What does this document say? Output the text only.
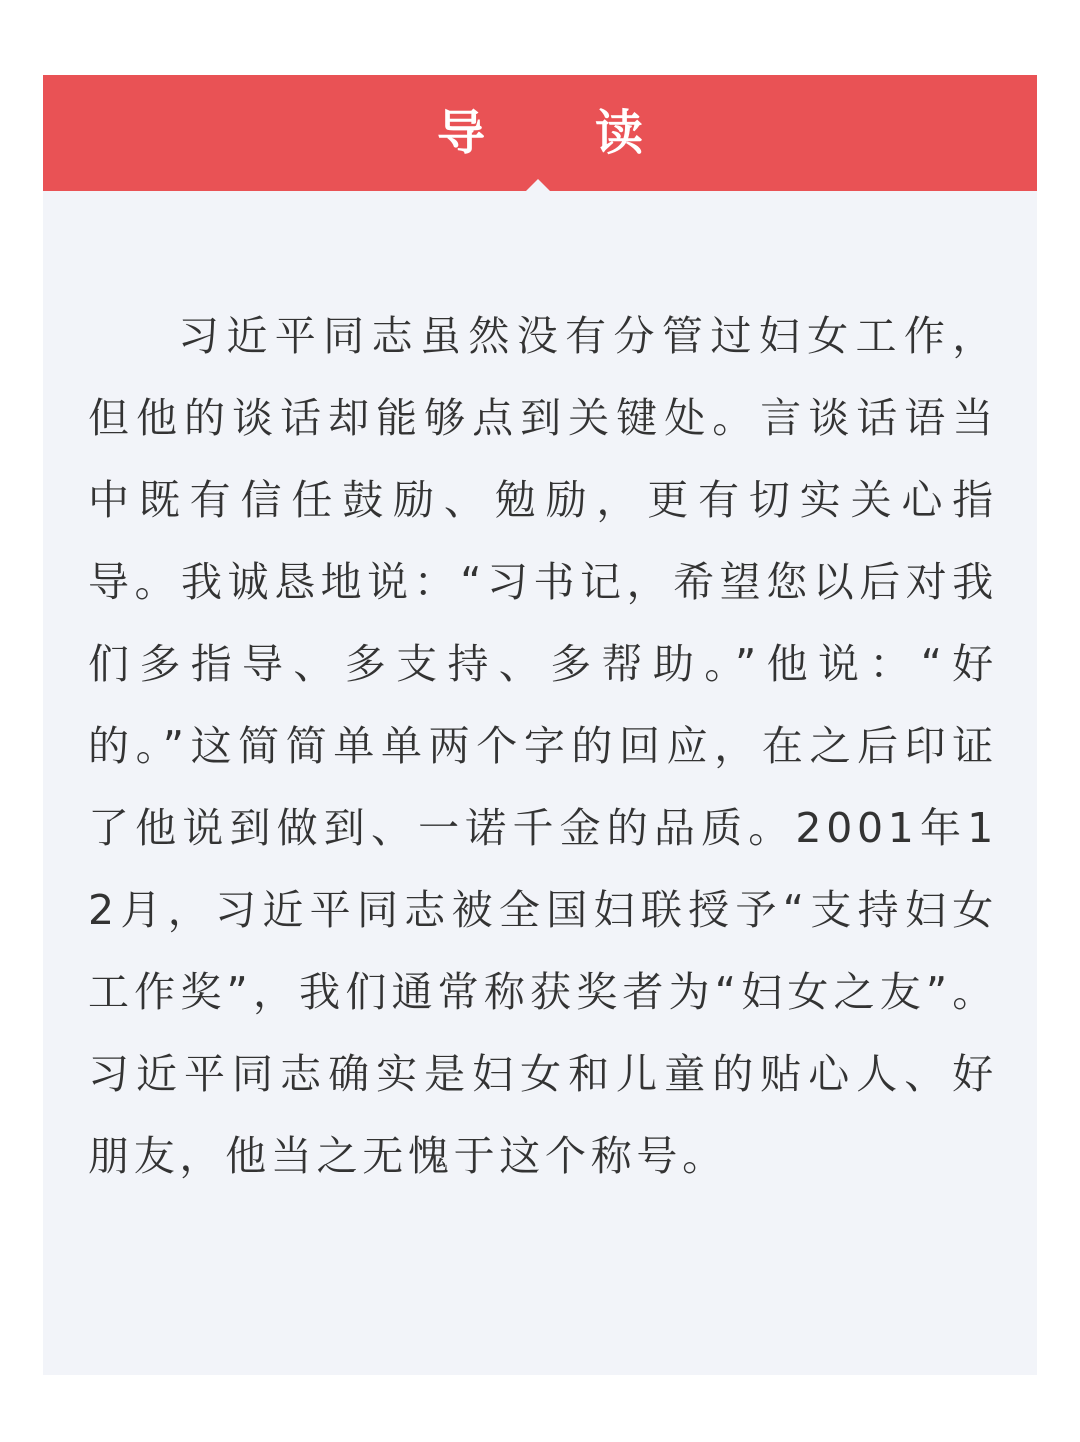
导 读

习近平同志虽然没有分管过妇女工作，但他的谈话却能够点到关键处。言谈话语当中既有信任鼓励、勉励，更有切实关心指导。我诚恳地说：“习书记，希望您以后对我们多指导、多支持、多帮助。”他说：“好的。”这简简单单两个字的回应，在之后印证了他说到做到、一诺千金的品质。2001年12月，习近平同志被全国妇联授予“支持妇女工作奖”，我们通常称获奖者为“妇女之友”。习近平同志确实是妇女和儿童的贴心人、好朋友，他当之无愧于这个称号。
